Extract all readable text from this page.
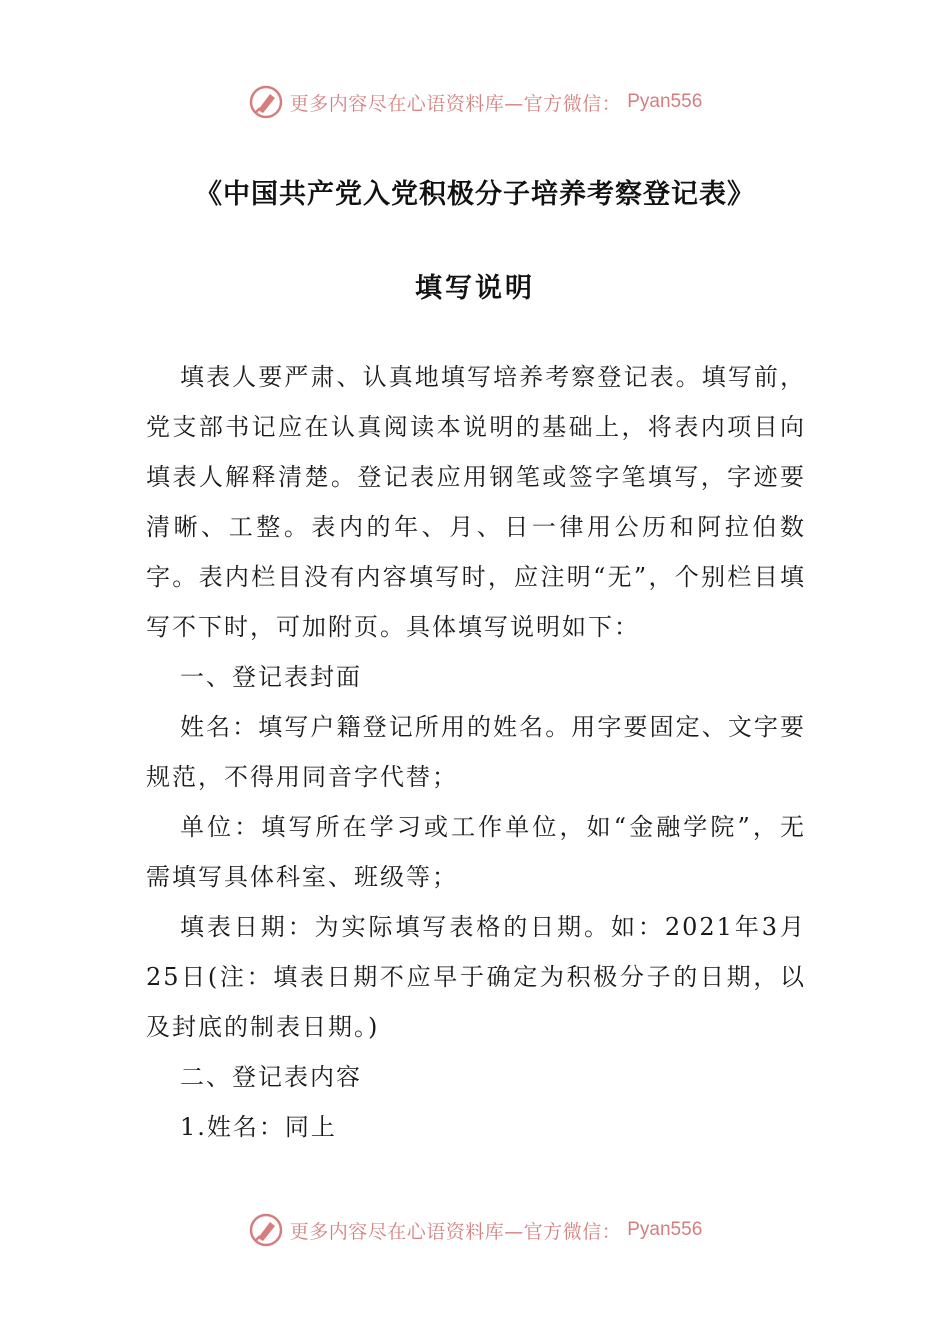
更多内容尽在心语资料库—官方微信： Pyan556
《中国共产党入党积极分子培养考察登记表》
填写说明

填表人要严肃、认真地填写培养考察登记表。填写前，党支部书记应在认真阅读本说明的基础上，将表内项目向填表人解释清楚。登记表应用钢笔或签字笔填写，字迹要清晰、工整。表内的年、月、日一律用公历和阿拉伯数字。表内栏目没有内容填写时，应注明“无”，个别栏目填写不下时，可加附页。具体填写说明如下：

一、登记表封面

姓名：填写户籍登记所用的姓名。用字要固定、文字要规范，不得用同音字代替；

单位：填写所在学习或工作单位，如“金融学院”，无需填写具体科室、班级等；

填表日期：为实际填写表格的日期。如：2021年3月25日(注：填表日期不应早于确定为积极分子的日期，以及封底的制表日期。)

二、登记表内容

1.姓名：同上

更多内容尽在心语资料库—官方微信： Pyan556
